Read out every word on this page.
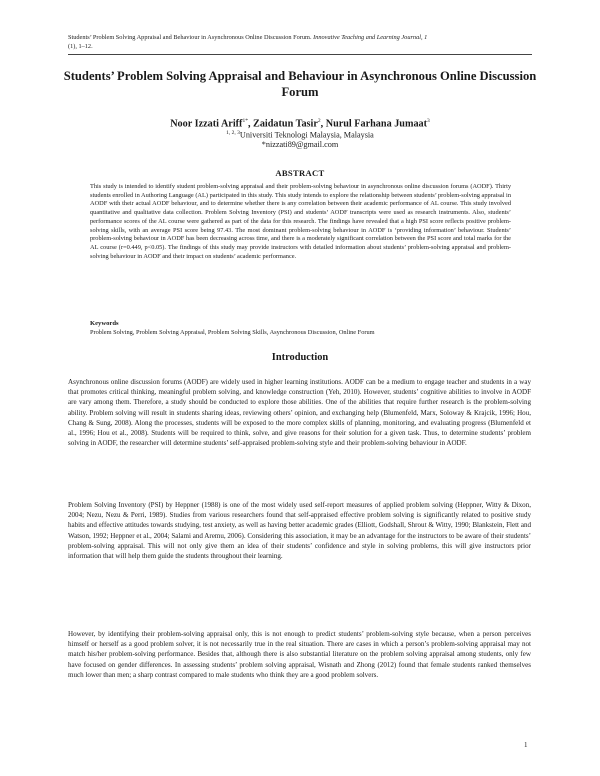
Students’ Problem Solving Appraisal and Behaviour in Asynchronous Online Discussion Forum. Innovative Teaching and Learning Journal, 1
(1), 1–12.
Students’ Problem Solving Appraisal and Behaviour in Asynchronous Online Discussion Forum
Noor Izzati Ariff$^{1*}$, Zaidatun Tasir$^2$, Nurul Farhana Jumaat$^3$
$^{1, 2, 3}$Universiti Teknologi Malaysia, Malaysia
*nizzati89@gmail.com
ABSTRACT

This study is intended to identify student problem-solving appraisal and their problem-solving behaviour in asynchronous online discussion forums (AODF). Thirty students enrolled in Authoring Language (AL) participated in this study. This study intends to explore the relationship between students’ problem-solving appraisal in AODF with their actual AODF behaviour, and to determine whether there is any correlation between their academic performance of AL course. This study involved quantitative and qualitative data collection. Problem Solving Inventory (PSI) and students’ AODF transcripts were used as research instruments. Also, students’ performance scores of the AL course were gathered as part of the data for this research. The findings have revealed that a high PSI score reflects positive problem-solving skills, with an average PSI score being 97.43. The most dominant problem-solving behaviour in AODF is ‘providing information’ behaviour. Students’ problem-solving behaviour in AODF has been decreasing across time, and there is a moderately significant correlation between the PSI score and total marks for the AL course (r=0.449, p<0.05). The findings of this study may provide instructors with detailed information about students’ problem-solving appraisal and problem-solving behaviour in AODF and their impact on students’ academic performance.

Keywords
Problem Solving, Problem Solving Appraisal, Problem Solving Skills, Asynchronous Discussion, Online Forum
Introduction

Asynchronous online discussion forums (AODF) are widely used in higher learning institutions. AODF can be a medium to engage teacher and students in a way that promotes critical thinking, meaningful problem solving, and knowledge construction (Yeh, 2010). However, students’ cognitive abilities to involve in AODF are vary among them. Therefore, a study should be conducted to explore those abilities. One of the abilities that require further research is the problem-solving ability. Problem solving will result in students sharing ideas, reviewing others’ opinion, and exchanging help (Blumenfeld, Marx, Soloway & Krajcik, 1996; Hou, Chang & Sung, 2008). Along the processes, students will be exposed to the more complex skills of planning, monitoring, and evaluating progress (Blumenfeld et al., 1996; Hou et al., 2008). Students will be required to think, solve, and give reasons for their solution for a given task. Thus, to determine students’ problem solving in AODF, the researcher will determine students’ self-appraised problem-solving style and their problem-solving behaviour in AODF.

Problem Solving Inventory (PSI) by Heppner (1988) is one of the most widely used self-report measures of applied problem solving (Heppner, Witty & Dixon, 2004; Nezu, Nezu & Perri, 1989). Studies from various researchers found that self-appraised effective problem solving is significantly related to positive study habits and effective attitudes towards studying, test anxiety, as well as having better academic grades (Elliott, Godshall, Shrout & Witty, 1990; Blankstein, Flett and Watson, 1992; Heppner et al., 2004; Salami and Aremu, 2006). Considering this association, it may be an advantage for the instructors to be aware of their students’ problem-solving appraisal. This will not only give them an idea of their students’ confidence and style in solving problems, this will give instructors prior information that will help them guide the students throughout their learning.

However, by identifying their problem-solving appraisal only, this is not enough to predict students’ problem-solving style because, when a person perceives himself or herself as a good problem solver, it is not necessarily true in the real situation. There are cases in which a person’s problem-solving appraisal may not match his/her problem-solving performance. Besides that, although there is also substantial literature on the problem solving appraisal among students, only few have focused on gender differences. In assessing students’ problem solving appraisal, Wisnath and Zhong (2012) found that female students ranked themselves much lower than men; a sharp contrast compared to male students who think they are a good problem solvers.

1
